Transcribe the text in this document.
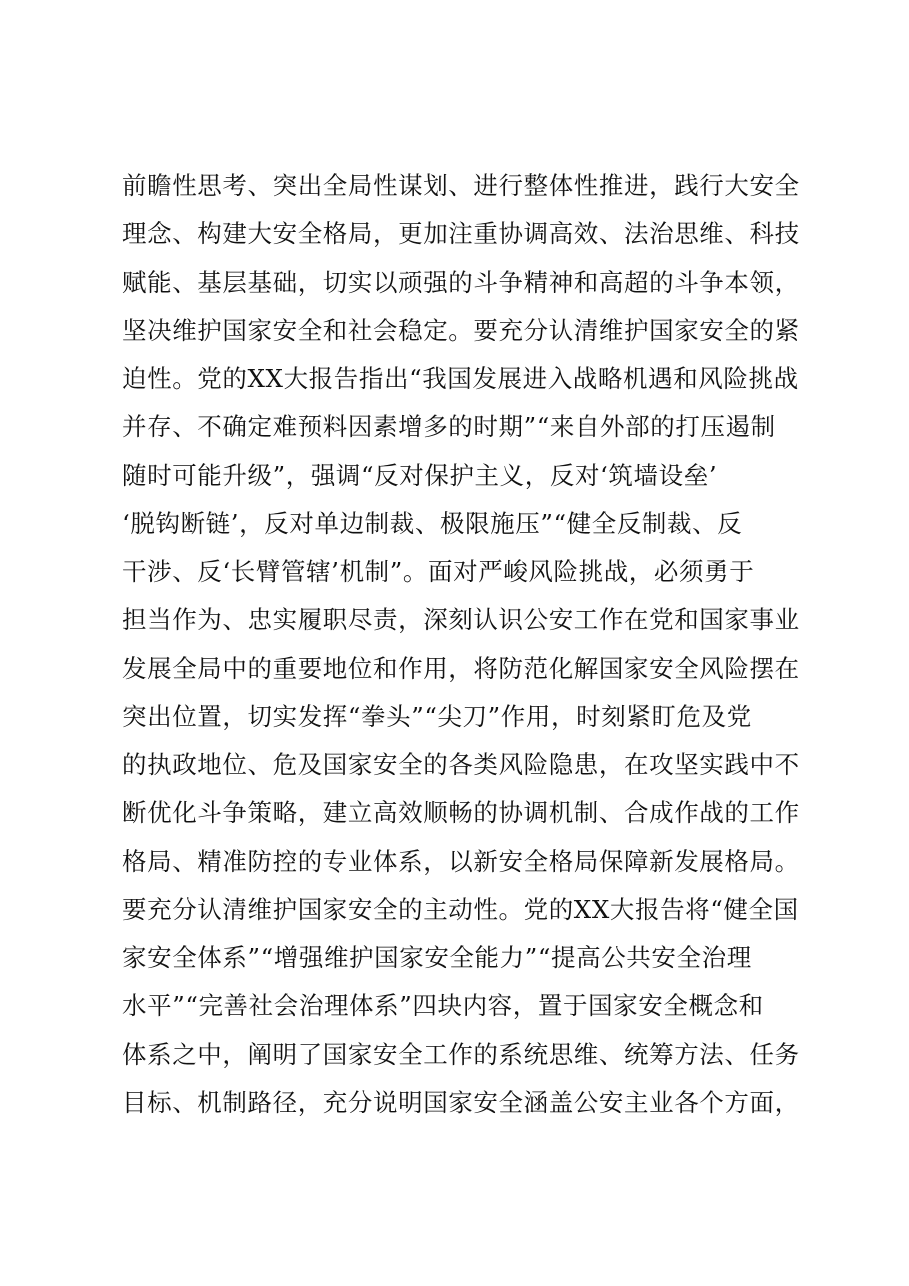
前瞻性思考、突出全局性谋划、进行整体性推进，践行大安全
理念、构建大安全格局，更加注重协调高效、法治思维、科技
赋能、基层基础，切实以顽强的斗争精神和高超的斗争本领，
坚决维护国家安全和社会稳定。要充分认清维护国家安全的紧
迫性。党的XX大报告指出“我国发展进入战略机遇和风险挑战
并存、不确定难预料因素增多的时期”“来自外部的打压遏制
随时可能升级”，强调“反对保护主义，反对‘筑墙设垒’
‘脱钩断链’，反对单边制裁、极限施压”“健全反制裁、反
干涉、反‘长臂管辖’机制”。面对严峻风险挑战，必须勇于
担当作为、忠实履职尽责，深刻认识公安工作在党和国家事业
发展全局中的重要地位和作用，将防范化解国家安全风险摆在
突出位置，切实发挥“拳头”“尖刀”作用，时刻紧盯危及党
的执政地位、危及国家安全的各类风险隐患，在攻坚实践中不
断优化斗争策略，建立高效顺畅的协调机制、合成作战的工作
格局、精准防控的专业体系，以新安全格局保障新发展格局。
要充分认清维护国家安全的主动性。党的XX大报告将“健全国
家安全体系”“增强维护国家安全能力”“提高公共安全治理
水平”“完善社会治理体系”四块内容，置于国家安全概念和
体系之中，阐明了国家安全工作的系统思维、统筹方法、任务
目标、机制路径，充分说明国家安全涵盖公安主业各个方面，
